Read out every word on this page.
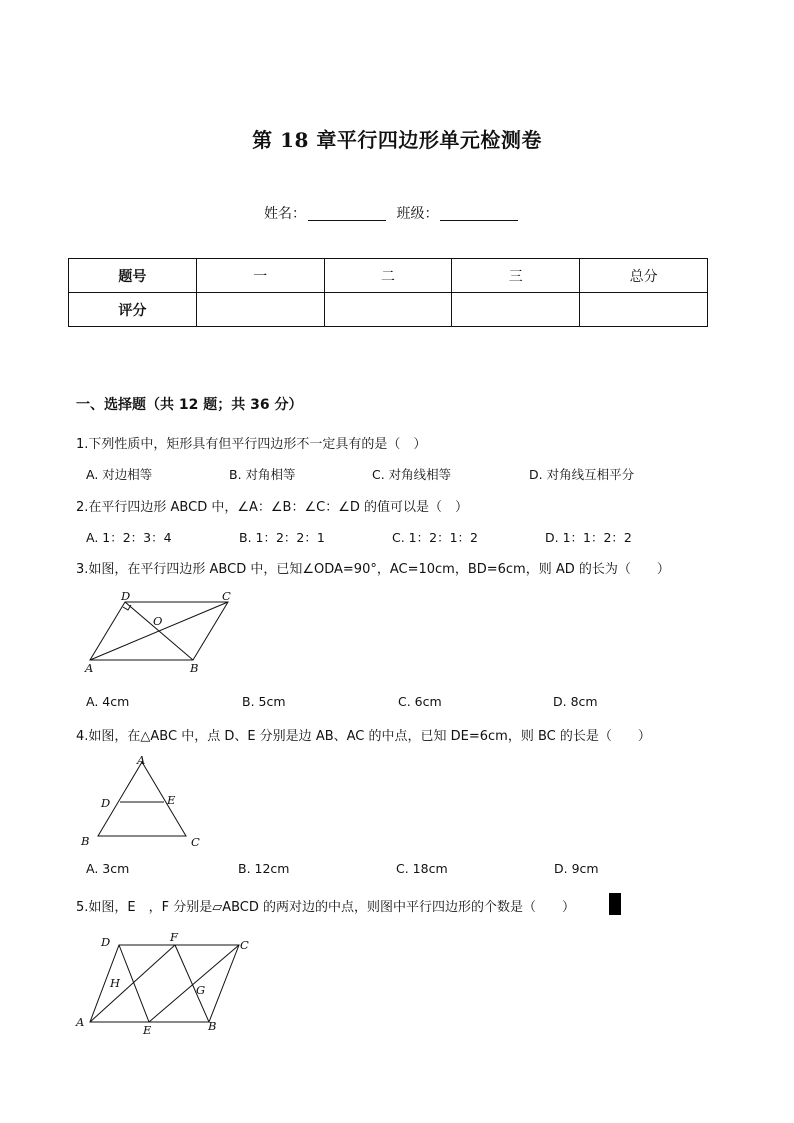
第 18 章平行四边形单元检测卷
姓名：	班级：
题号	一	二	三	总分
评分				
一、选择题（共 12 题；共 36 分）
1.下列性质中，矩形具有但平行四边形不一定具有的是（　）
A. 对边相等	B. 对角相等	C. 对角线相等	D. 对角线互相平分
2.在平行四边形 ABCD 中，∠A：∠B：∠C：∠D 的值可以是（　）
A. 1：2：3：4	B. 1：2：2：1	C. 1：2：1：2	D. 1：1：2：2
3.如图，在平行四边形 ABCD 中，已知∠ODA=90°，AC=10cm，BD=6cm，则 AD 的长为（　　）
D	C
O
A	B
A. 4cm	B. 5cm	C. 6cm	D. 8cm
4.如图，在△ABC 中，点 D、E 分别是边 AB、AC 的中点，已知 DE=6cm，则 BC 的长是（　　）
A
D	E
B	C
A. 3cm	B. 12cm	C. 18cm	D. 9cm
5.如图，E　，F 分别是▱ABCD 的两对边的中点，则图中平行四边形的个数是（　　）
D	F
C
H	G
A
E	B
